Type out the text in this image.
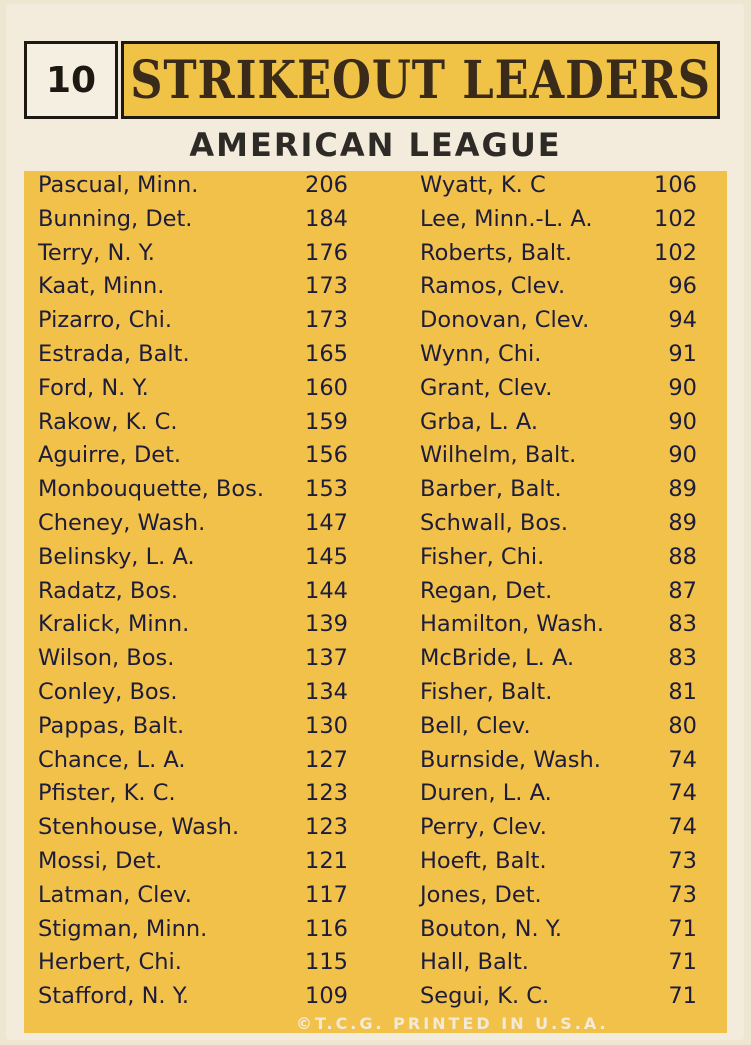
10 STRIKEOUT LEADERS
AMERICAN LEAGUE
Pascual, Minn.	206
Bunning, Det.	184
Terry, N. Y.	176
Kaat, Minn.	173
Pizarro, Chi.	173
Estrada, Balt.	165
Ford, N. Y.	160
Rakow, K. C.	159
Aguirre, Det.	156
Monbouquette, Bos. 153
Cheney, Wash.	147
Belinsky, L. A.	145
Radatz, Bos.	144
Kralick, Minn.	139
Wilson, Bos.	137
Conley, Bos.	134
Pappas, Balt.	130
Chance, L. A.	127
Pfister, K. C.	123
Stenhouse, Wash.	123
Mossi, Det.	121
Latman, Clev.	117
Stigman, Minn.	116
Herbert, Chi.	115
Stafford, N. Y.	109
Wyatt, K. C	106
Lee, Minn.-L. A.	102
Roberts, Balt.	102
Ramos, Clev.	96
Donovan, Clev.	94
Wynn, Chi.	91
Grant, Clev.	90
Grba, L. A.	90
Wilhelm, Balt.	90
Barber, Balt.	89
Schwall, Bos.	89
Fisher, Chi.	88
Regan, Det.	87
Hamilton, Wash.	83
McBride, L. A.	83
Fisher, Balt.	81
Bell, Clev.	80
Burnside, Wash.	74
Duren, L. A.	74
Perry, Clev.	74
Hoeft, Balt.	73
Jones, Det.	73
Bouton, N. Y.	71
Hall, Balt.	71
Segui, K. C.	71
©T.C.G. PRINTED IN U.S.A.
